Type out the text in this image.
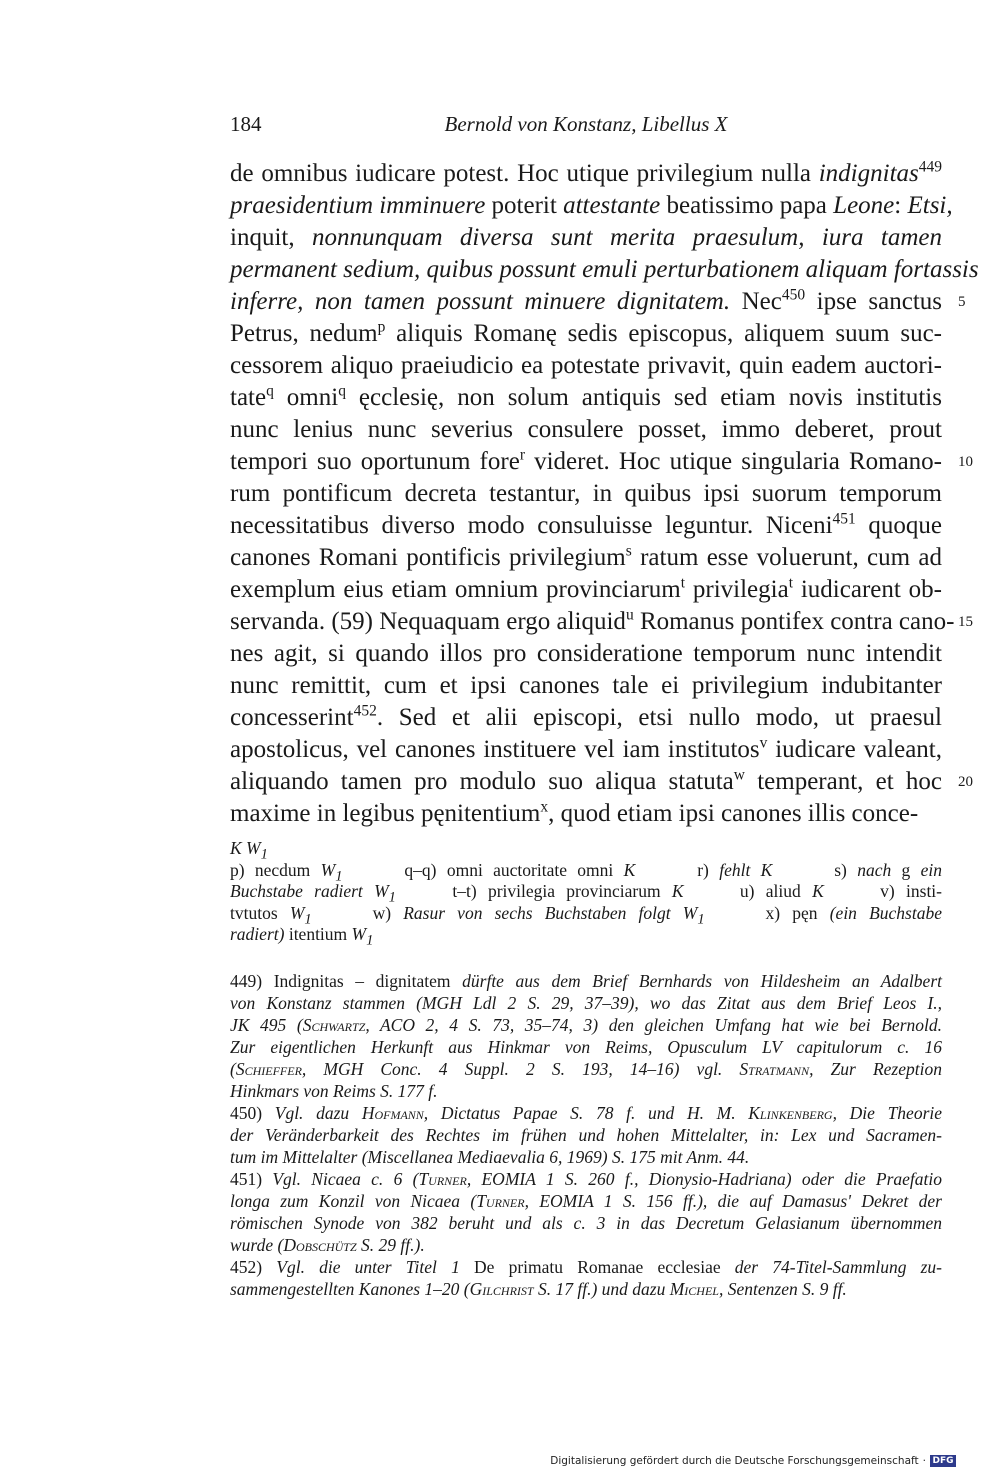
184	Bernold von Konstanz, Libellus X
de omnibus iudicare potest. Hoc utique privilegium nulla indignitas$^{449}$
praesidentium imminuere poterit attestante beatissimo papa Leone: Etsi,
inquit, nonnunquam diversa sunt merita praesulum, iura tamen
permanent sedium, quibus possunt emuli perturbationem aliquam fortassis
inferre, non tamen possunt minuere dignitatem. Nec$^{450}$ ipse sanctus 5
Petrus, nedum$^p$ aliquis Romanę sedis episcopus, aliquem suum suc-
cessorem aliquo praeiudicio ea potestate privavit, quin eadem auctori-
tate$^q$ omni$^q$ ęcclesię, non solum antiquis sed etiam novis institutis
nunc lenius nunc severius consulere posset, immo deberet, prout
tempori suo oportunum fore$^r$ videret. Hoc utique singularia Romano- 10
rum pontificum decreta testantur, in quibus ipsi suorum temporum
necessitatibus diverso modo consuluisse leguntur. Niceni$^{451}$ quoque
canones Romani pontificis privilegium$^s$ ratum esse voluerunt, cum ad
exemplum eius etiam omnium provinciarum$^t$ privilegia$^t$ iudicarent ob-
servanda. (59) Nequaquam ergo aliquid$^u$ Romanus pontifex contra cano- 15
nes agit, si quando illos pro consideratione temporum nunc intendit
nunc remittit, cum et ipsi canones tale ei privilegium indubitanter
concesserint$^{452}$. Sed et alii episcopi, etsi nullo modo, ut praesul
apostolicus, vel canones instituere vel iam institutos$^v$ iudicare valeant,
aliquando tamen pro modulo suo aliqua statuta$^w$ temperant, et hoc 20
maxime in legibus pęnitentium$^x$, quod etiam ipsi canones illis conce-
K $W_1$
p) necdum $W_1$      q–q) omni auctoritate omni K      r) fehlt K      s) nach g ein
Buchstabe radiert $W_1$     t–t) privilegia provinciarum K     u) aliud K     v) insti-
tvtutos $W_1$     w) Rasur von sechs Buchstaben folgt $W_1$     x) pęn (ein Buchstabe
radiert) itentium $W_1$
449) Indignitas – dignitatem dürfte aus dem Brief Bernhards von Hildesheim an Adalbert
von Konstanz stammen (MGH Ldl 2 S. 29, 37–39), wo das Zitat aus dem Brief Leos I.,
JK 495 (Schwartz, ACO 2, 4 S. 73, 35–74, 3) den gleichen Umfang hat wie bei Bernold.
Zur eigentlichen Herkunft aus Hinkmar von Reims, Opusculum LV capitulorum c. 16
(Schieffer, MGH Conc. 4 Suppl. 2 S. 193, 14–16) vgl. Stratmann, Zur Rezeption
Hinkmars von Reims S. 177 f.
450) Vgl. dazu Hofmann, Dictatus Papae S. 78 f. und H. M. Klinkenberg, Die Theorie
der Veränderbarkeit des Rechtes im frühen und hohen Mittelalter, in: Lex und Sacramen-
tum im Mittelalter (Miscellanea Mediaevalia 6, 1969) S. 175 mit Anm. 44.
451) Vgl. Nicaea c. 6 (Turner, EOMIA 1 S. 260 f., Dionysio-Hadriana) oder die Praefatio
longa zum Konzil von Nicaea (Turner, EOMIA 1 S. 156 ff.), die auf Damasus' Dekret der
römischen Synode von 382 beruht und als c. 3 in das Decretum Gelasianum übernommen
wurde (Dobschütz S. 29 ff.).
452) Vgl. die unter Titel 1 De primatu Romanae ecclesiae der 74-Titel-Sammlung zu-
sammengestellten Kanones 1–20 (Gilchrist S. 17 ff.) und dazu Michel, Sentenzen S. 9 ff.
Digitalisierung gefördert durch die Deutsche Forschungsgemeinschaft · DFG
